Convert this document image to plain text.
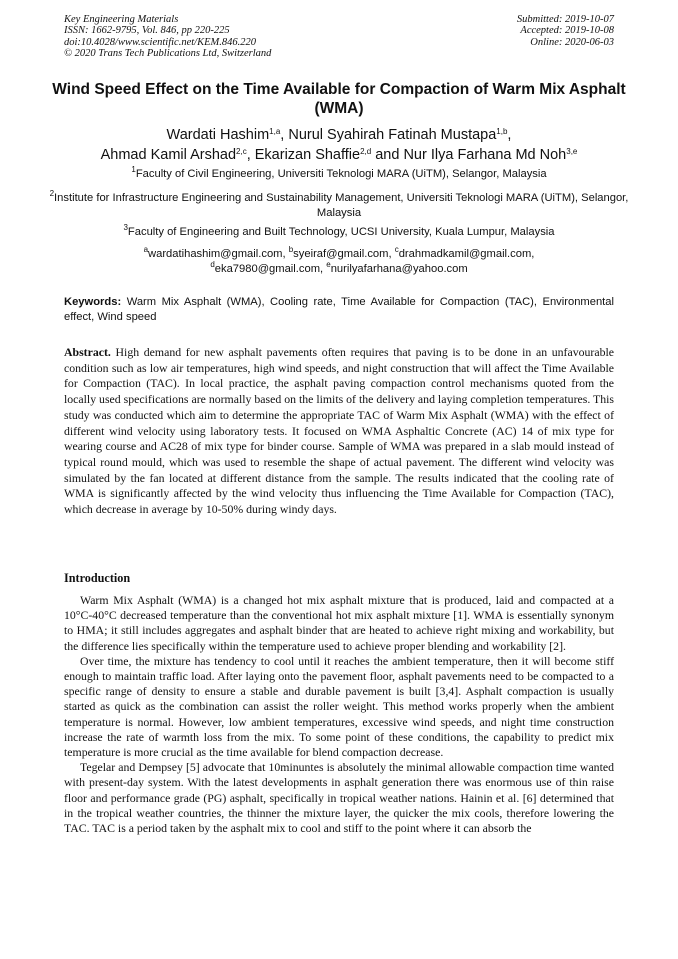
Key Engineering Materials
ISSN: 1662-9795, Vol. 846, pp 220-225
doi:10.4028/www.scientific.net/KEM.846.220
© 2020 Trans Tech Publications Ltd, Switzerland
Submitted: 2019-10-07
Accepted: 2019-10-08
Online: 2020-06-03
Wind Speed Effect on the Time Available for Compaction of Warm Mix Asphalt (WMA)
Wardati Hashim$^{1,a}$, Nurul Syahirah Fatinah Mustapa$^{1,b}$,
Ahmad Kamil Arshad$^{2,c}$, Ekarizan Shaffie$^{2,d}$ and Nur Ilya Farhana Md Noh$^{3,e}$
$^1$Faculty of Civil Engineering, Universiti Teknologi MARA (UiTM), Selangor, Malaysia
$^2$Institute for Infrastructure Engineering and Sustainability Management, Universiti Teknologi MARA (UiTM), Selangor, Malaysia
$^3$Faculty of Engineering and Built Technology, UCSI University, Kuala Lumpur, Malaysia
$^a$wardatihashim@gmail.com, $^b$syeiraf@gmail.com, $^c$drahmadkamil@gmail.com,
$^d$eka7980@gmail.com, $^e$nurilyafarhana@yahoo.com
Keywords: Warm Mix Asphalt (WMA), Cooling rate, Time Available for Compaction (TAC), Environmental effect, Wind speed
Abstract. High demand for new asphalt pavements often requires that paving is to be done in an unfavourable condition such as low air temperatures, high wind speeds, and night construction that will affect the Time Available for Compaction (TAC). In local practice, the asphalt paving compaction control mechanisms quoted from the locally used specifications are normally based on the limits of the delivery and laying completion temperatures. This study was conducted which aim to determine the appropriate TAC of Warm Mix Asphalt (WMA) with the effect of different wind velocity using laboratory tests. It focused on WMA Asphaltic Concrete (AC) 14 of mix type for wearing course and AC28 of mix type for binder course. Sample of WMA was prepared in a slab mould instead of typical round mould, which was used to resemble the shape of actual pavement. The different wind velocity was simulated by the fan located at different distance from the sample. The results indicated that the cooling rate of WMA is significantly affected by the wind velocity thus influencing the Time Available for Compaction (TAC), which decrease in average by 10-50% during windy days.
Introduction

Warm Mix Asphalt (WMA) is a changed hot mix asphalt mixture that is produced, laid and compacted at a 10°C-40°C decreased temperature than the conventional hot mix asphalt mixture [1]. WMA is essentially synonym to HMA; it still includes aggregates and asphalt binder that are heated to achieve right mixing and workability, but the difference lies specifically within the temperature used to achieve proper blending and workability [2].

Over time, the mixture has tendency to cool until it reaches the ambient temperature, then it will become stiff enough to maintain traffic load. After laying onto the pavement floor, asphalt pavements need to be compacted to a specific range of density to ensure a stable and durable pavement is built [3,4]. Asphalt compaction is usually started as quick as the combination can assist the roller weight. This method works properly when the ambient temperature is normal. However, low ambient temperatures, excessive wind speeds, and night time construction increase the rate of warmth loss from the mix. To some point of these conditions, the capability to predict mix temperature is more crucial as the time available for blend compaction decrease.

Tegelar and Dempsey [5] advocate that 10minuntes is absolutely the minimal allowable compaction time wanted with present-day system. With the latest developments in asphalt generation there was enormous use of thin raise floor and performance grade (PG) asphalt, specifically in tropical weather nations. Hainin et al. [6] determined that in the tropical weather countries, the thinner the mixture layer, the quicker the mix cools, therefore lowering the TAC. TAC is a period taken by the asphalt mix to cool and stiff to the point where it can absorb the
